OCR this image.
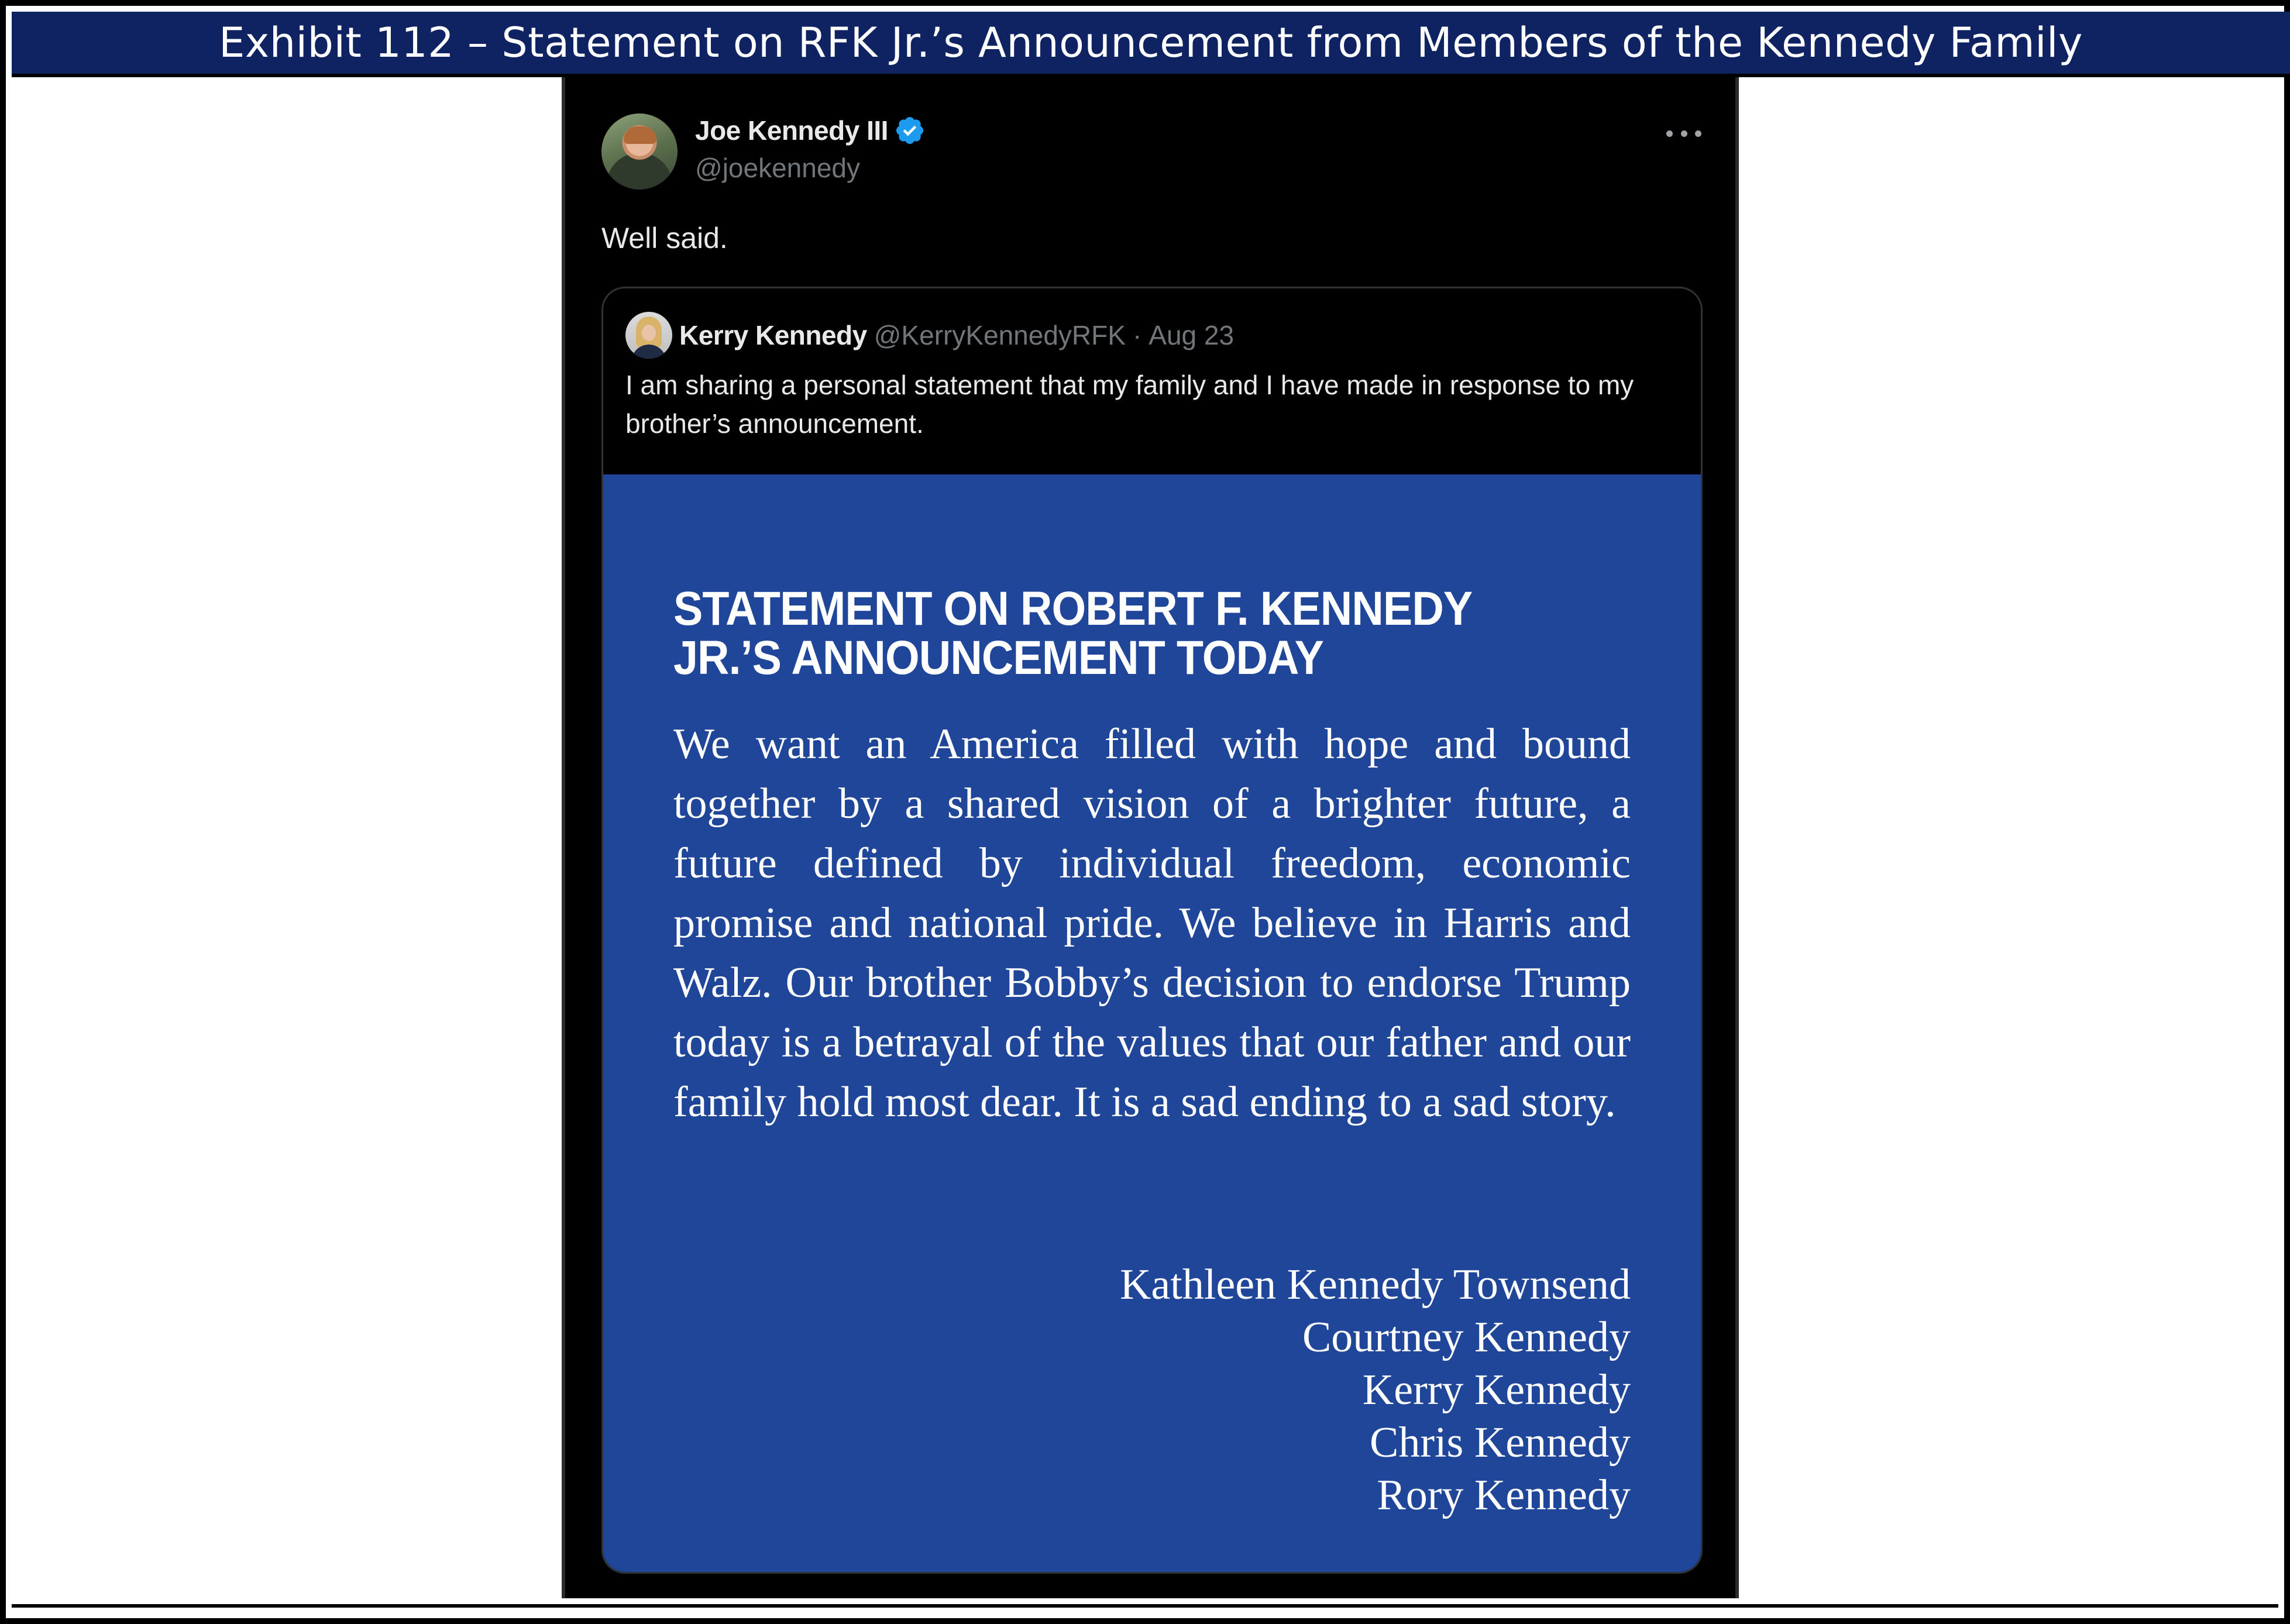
Exhibit 112 – Statement on RFK Jr.’s Announcement from Members of the Kennedy Family
Joe Kennedy III
@joekennedy
Well said.
Kerry Kennedy @KerryKennedyRFK · Aug 23
I am sharing a personal statement that my family and I have made in response to my brother’s announcement.
STATEMENT ON ROBERT F. KENNEDY JR.’S ANNOUNCEMENT TODAY
We want an America filled with hope and bound together by a shared vision of a brighter future, a future defined by individual freedom, economic promise and national pride. We believe in Harris and Walz. Our brother Bobby’s decision to endorse Trump today is a betrayal of the values that our father and our family hold most dear. It is a sad ending to a sad story.
Kathleen Kennedy Townsend
Courtney Kennedy
Kerry Kennedy
Chris Kennedy
Rory Kennedy
